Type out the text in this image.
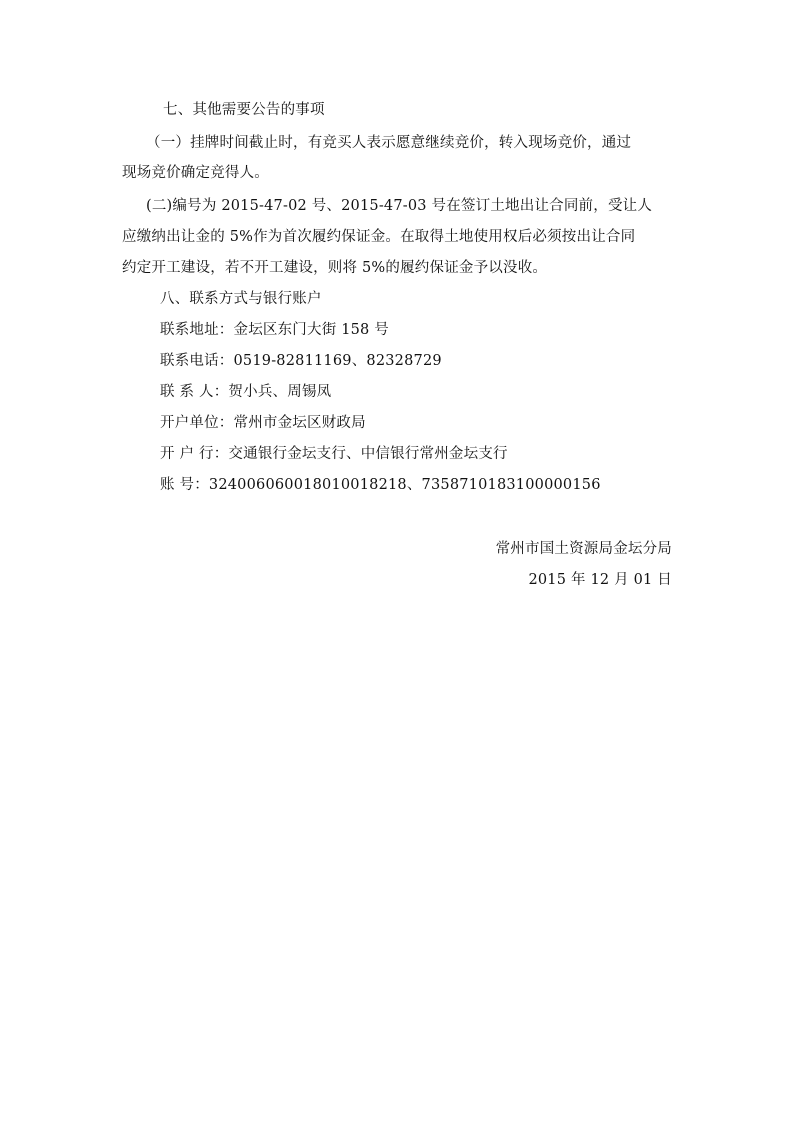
七、其他需要公告的事项
（一）挂牌时间截止时，有竞买人表示愿意继续竞价，转入现场竞价，通过
现场竞价确定竞得人。
(二)编号为 2015-47-02 号、2015-47-03 号在签订土地出让合同前，受让人
应缴纳出让金的 5%作为首次履约保证金。在取得土地使用权后必须按出让合同
约定开工建设，若不开工建设，则将 5%的履约保证金予以没收。
八、联系方式与银行账户
联系地址：金坛区东门大街 158 号
联系电话：0519-82811169、82328729
联 系 人：贺小兵、周锡凤
开户单位：常州市金坛区财政局
开 户 行：交通银行金坛支行、中信银行常州金坛支行
账 号：324006060018010018218、7358710183100000156
常州市国土资源局金坛分局
2015 年 12 月 01 日
